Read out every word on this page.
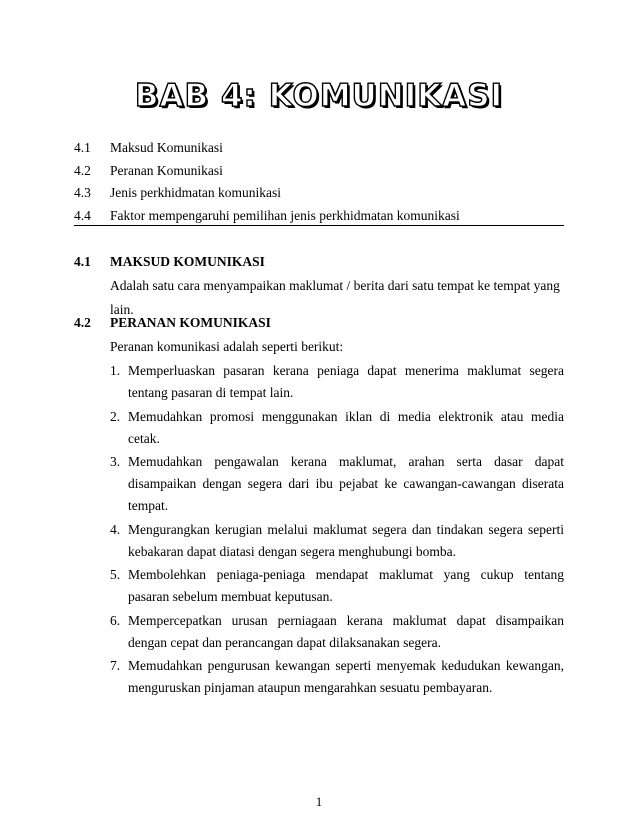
BAB 4: KOMUNIKASI
4.1	Maksud Komunikasi
4.2	Peranan Komunikasi
4.3	Jenis perkhidmatan komunikasi
4.4	Faktor mempengaruhi pemilihan jenis perkhidmatan komunikasi
4.1	MAKSUD KOMUNIKASI
Adalah satu cara menyampaikan maklumat / berita dari satu tempat ke tempat yang lain.
4.2	PERANAN KOMUNIKASI
Peranan komunikasi adalah seperti berikut:
1. Memperluaskan pasaran kerana peniaga dapat menerima maklumat segera tentang pasaran di tempat lain.
2. Memudahkan promosi menggunakan iklan di media elektronik atau media cetak.
3. Memudahkan pengawalan kerana maklumat, arahan serta dasar dapat disampaikan dengan segera dari ibu pejabat ke cawangan-cawangan diserata tempat.
4. Mengurangkan kerugian melalui maklumat segera dan tindakan segera seperti kebakaran dapat diatasi dengan segera menghubungi bomba.
5. Membolehkan peniaga-peniaga mendapat maklumat yang cukup tentang pasaran sebelum membuat keputusan.
6. Mempercepatkan urusan perniagaan kerana maklumat dapat disampaikan dengan cepat dan perancangan dapat dilaksanakan segera.
7. Memudahkan pengurusan kewangan seperti menyemak kedudukan kewangan, menguruskan pinjaman ataupun mengarahkan sesuatu pembayaran.
1
